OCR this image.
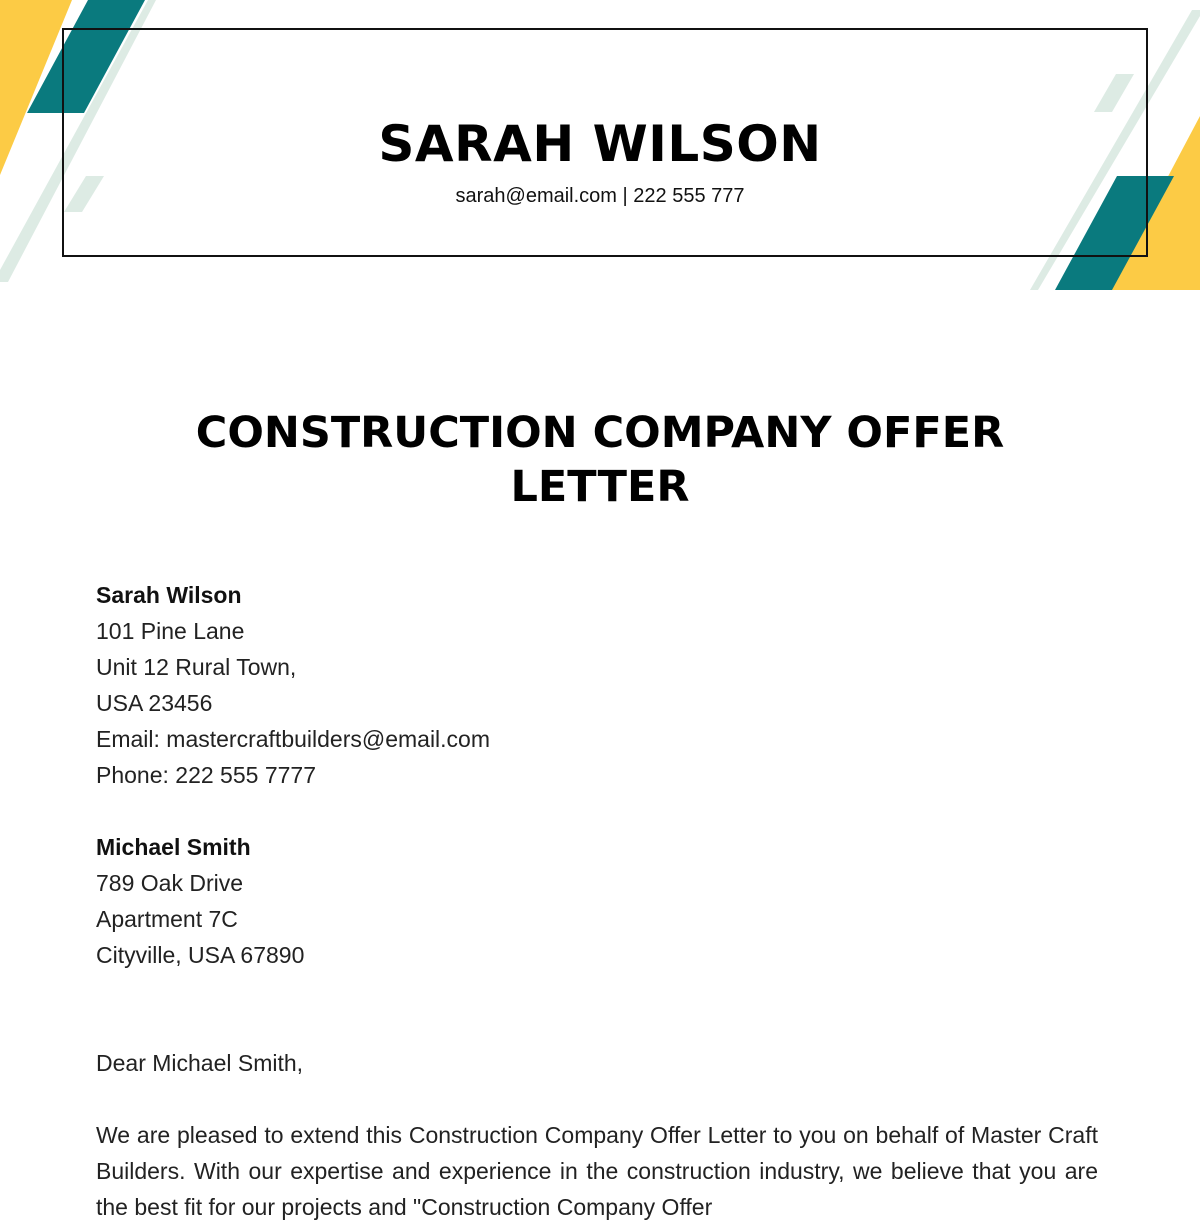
SARAH WILSON
sarah@email.com | 222 555 777
CONSTRUCTION COMPANY OFFER LETTER
Sarah Wilson
101 Pine Lane
Unit 12 Rural Town,
USA 23456
Email: mastercraftbuilders@email.com
Phone: 222 555 7777
Michael Smith
789 Oak Drive
Apartment 7C
Cityville, USA 67890
Dear Michael Smith,

We are pleased to extend this Construction Company Offer Letter to you on behalf of Master Craft Builders. With our expertise and experience in the construction industry, we believe that you are the best fit for our projects and "Construction Company Offer
